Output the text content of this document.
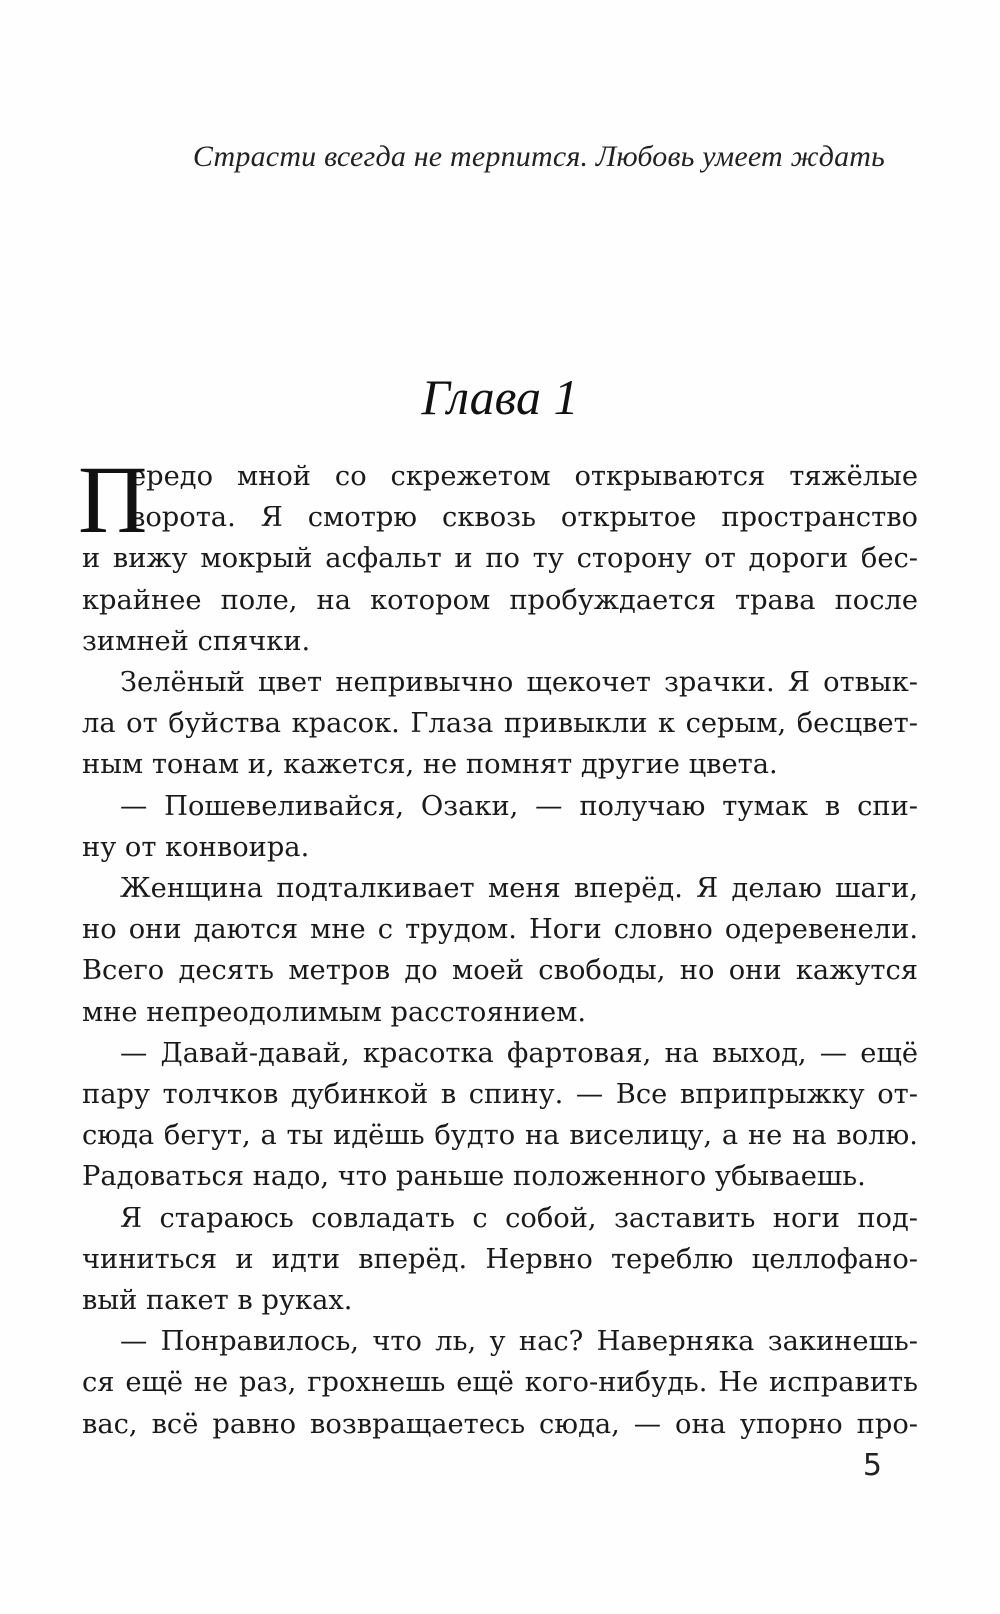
Страсти всегда не терпится. Любовь умеет ждать
Глава 1
П
ередо мной со скрежетом открываются тяжёлые
ворота. Я смотрю сквозь открытое пространство
и вижу мокрый асфальт и по ту сторону от дороги бес-
крайнее поле, на котором пробуждается трава после
зимней спячки.
Зелёный цвет непривычно щекочет зрачки. Я отвык-
ла от буйства красок. Глаза привыкли к серым, бесцвет-
ным тонам и, кажется, не помнят другие цвета.
— Пошевеливайся, Озаки, — получаю тумак в спи-
ну от конвоира.
Женщина подталкивает меня вперёд. Я делаю шаги,
но они даются мне с трудом. Ноги словно одеревенели.
Всего десять метров до моей свободы, но они кажутся
мне непреодолимым расстоянием.
— Давай-давай, красотка фартовая, на выход, — ещё
пару толчков дубинкой в спину. — Все вприпрыжку от-
сюда бегут, а ты идёшь будто на виселицу, а не на волю.
Радоваться надо, что раньше положенного убываешь.
Я стараюсь совладать с собой, заставить ноги под-
чиниться и идти вперёд. Нервно тереблю целлофано-
вый пакет в руках.
— Понравилось, что ль, у нас? Наверняка закинешь-
ся ещё не раз, грохнешь ещё кого-нибудь. Не исправить
вас, всё равно возвращаетесь сюда, — она упорно про-
5
